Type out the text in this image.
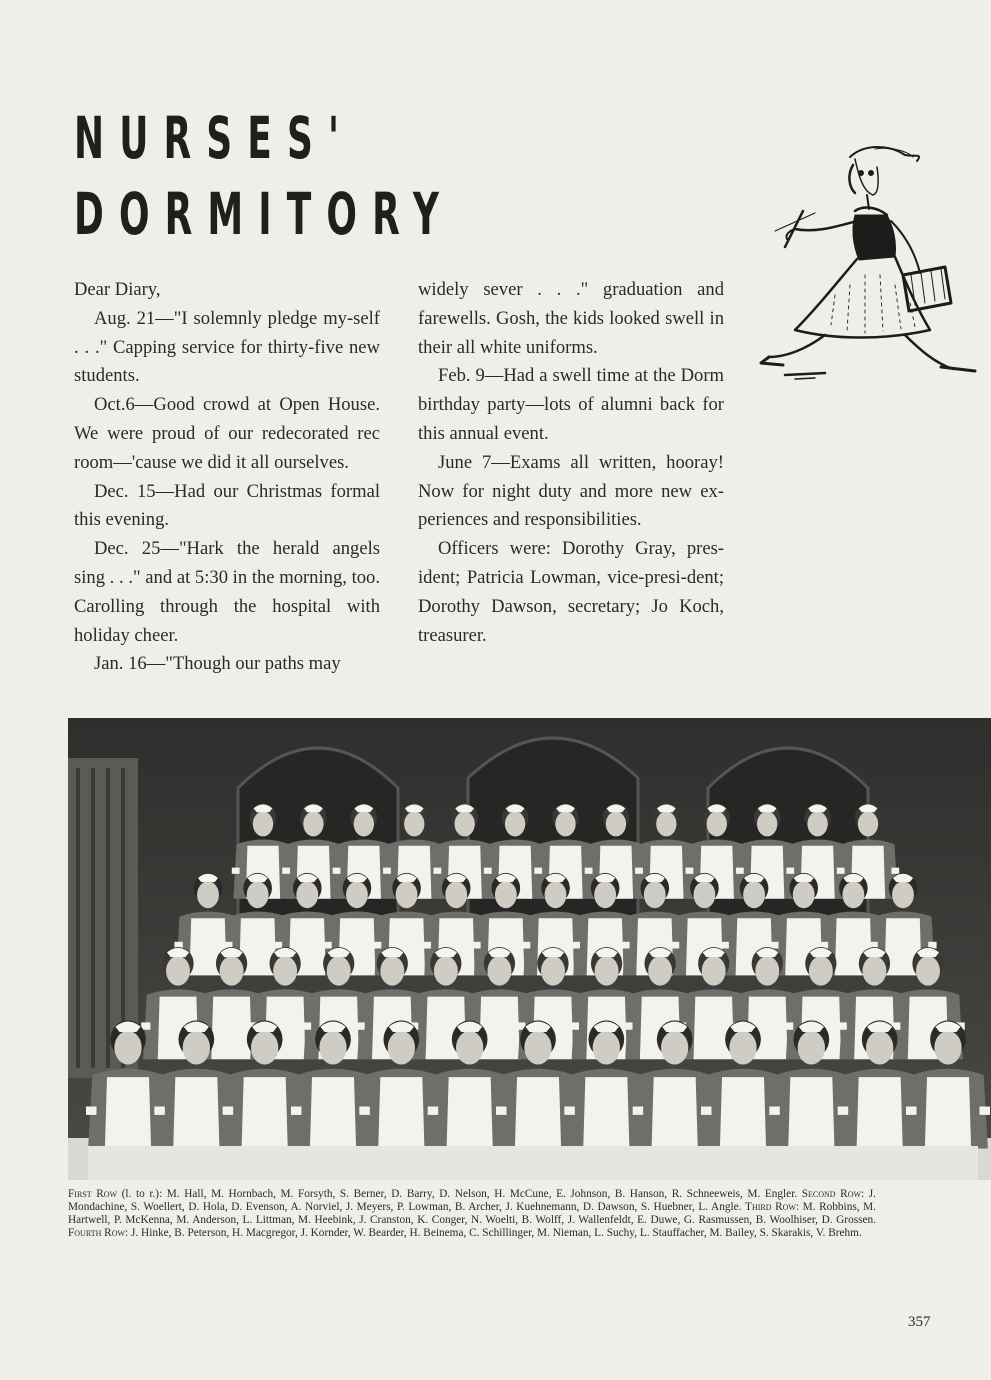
NURSES'
DORMITORY

Dear Diary,

Aug. 21—"I solemnly pledge my-self . . ." Capping service for thirty-five new students.

Oct.6—Good crowd at Open House. We were proud of our redecorated rec room—'cause we did it all ourselves.

Dec. 15—Had our Christmas formal this evening.

Dec. 25—"Hark the herald angels sing . . ." and at 5:30 in the morning, too. Carolling through the hospital with holiday cheer.

Jan. 16—"Though our paths may

widely sever . . ." graduation and farewells. Gosh, the kids looked swell in their all white uniforms.

Feb. 9—Had a swell time at the Dorm birthday party—lots of alumni back for this annual event.

June 7—Exams all written, hooray! Now for night duty and more new ex-periences and responsibilities.

Officers were: Dorothy Gray, pres-ident; Patricia Lowman, vice-presi-dent; Dorothy Dawson, secretary; Jo Koch, treasurer.

First Row (l. to r.): M. Hall, M. Hornbach, M. Forsyth, S. Berner, D. Barry, D. Nelson, H. McCune, E. Johnson, B. Hanson, R. Schneeweis, M. Engler. Second Row: J. Mondachine, S. Woellert, D. Hola, D. Evenson, A. Norviel, J. Meyers, P. Lowman, B. Archer, J. Kuehnemann, D. Dawson, S. Huebner, L. Angle. Third Row: M. Robbins, M. Hartwell, P. McKenna, M. Anderson, L. Littman, M. Heebink, J. Cranston, K. Conger, N. Woelti, B. Wolff, J. Wallenfeldt, E. Duwe, G. Rasmussen, B. Woolhiser, D. Grossen. Fourth Row: J. Hinke, B. Peterson, H. Macgregor, J. Kornder, W. Bearder, H. Beinema, C. Schillinger, M. Nieman, L. Suchy, L. Stauffacher, M. Bailey, S. Skarakis, V. Brehm.
357
